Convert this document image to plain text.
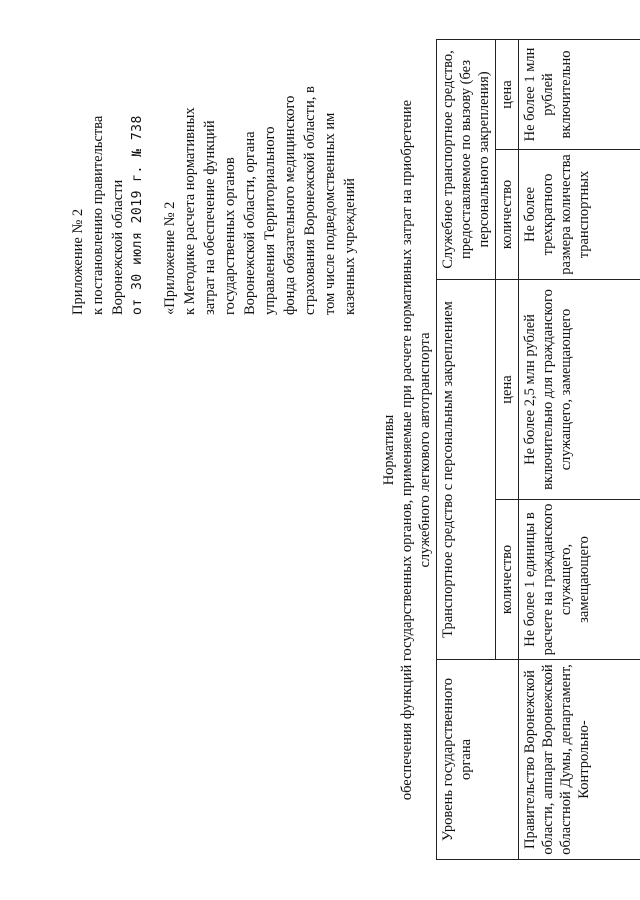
Приложение № 2 к постановлению правительства Воронежской области от 30 июля 2019 г. № 738 «Приложение № 2 к Методике расчета нормативных затрат на обеспечение функций государственных органов Воронежской области, органа управления Территориального фонда обязательного медицинского страхования Воронежской области, в том числе подведомственных им казенных учреждений
Нормативы обеспечения функций государственных органов, применяемые при расчете нормативных затрат на приобретение служебного легкового автотранспорта
Уровень государственного органа	Транспортное средство с персональным закреплением		Служебное транспортное средство, предоставляемое по вызову (без персонального закрепления)	
	количество	цена	количество	цена
Правительство Воронежской области, аппарат Воронежской областной Думы, департамент, Контрольно-	Не более 1 единицы в расчете на гражданского служащего, замещающего	Не более 2,5 млн рублей включительно для гражданского служащего, замещающего	Не более трехкратного размера количества транспортных	Не более 1 млн рублей включительно
